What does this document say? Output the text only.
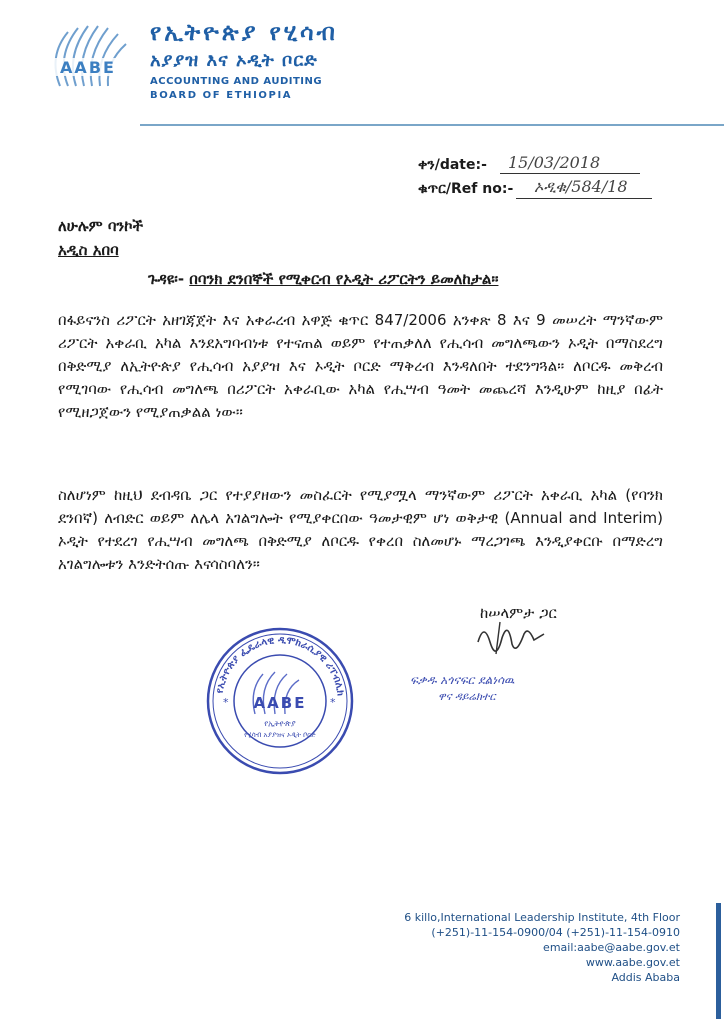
AABE
የኢትዮጵያ የሂሳብ
አያያዝ እና ኦዲት ቦርድ
ACCOUNTING AND AUDITING
BOARD OF ETHIOPIA
ቀን/date:- 15/03/2018
ቁጥር/Ref no:- ኦዲቁ/584/18
ለሁሉም ባንኮች
አዲስ አበባ
ጉዳዩ፡- በባንክ ደንበኞች የሚቀርብ የኦዲት ሪፖርትን ይመለከታል።
በፋይናንስ ሪፖርት አዘገጃጀት እና አቀራረብ አዋጅ ቁጥር 847/2006 አንቀጽ 8 እና 9 መሠረት ማንኛውም ሪፖርት አቀራቢ አካል እንደአግባብነቱ የተናጠል ወይም የተጠቃለለ የሒሳብ መግለጫውን ኦዲት በማስደረግ በቅድሚያ ለኢትዮጵያ የሒሳብ አያያዝ እና ኦዲት ቦርድ ማቅረብ እንዳለበት ተደንግጓል። ለቦርዱ መቅረብ የሚገባው የሒሳብ መግለጫ በሪፖርት አቀራቢው አካል የሒሣብ ዓመት መጨረሻ እንዲሁም ከዚያ በፊት የሚዘጋጀውን የሚያጠቃልል ነው።
ስለሆነም ከዚህ ደብዳቤ ጋር የተያያዘውን መስፈርት የሚያሟላ ማንኛውም ሪፖርት አቀራቢ አካል (የባንክ ደንበኛ) ለብድር ወይም ለሌላ አገልግሎት የሚያቀርበው ዓመታዊም ሆነ ወቅታዊ (Annual and Interim) ኦዲት የተደረገ የሒሣብ መግለጫ በቅድሚያ ለቦርዱ የቀረበ ስለመሆኑ ማረጋገጫ እንዲያቀርቡ በማድረግ አገልግሎቱን እንድትሰጡ እናሳስባለን።
ከሠላምታ ጋር
ፍቃዱ አጎናፍር ደልነሳዉ
ዋና ዳይሬክተር
የኢትዮጵያ ፌዴራላዊ ዲሞክራሲያዊ ሪፐብሊክ
AABE
የኢትዮጵያ
የሂሳብ አያያዝና ኦዲት ቦርድ
*	*
6 killo,International Leadership Institute, 4th Floor
(+251)-11-154-0900/04 (+251)-11-154-0910
email:aabe@aabe.gov.et
www.aabe.gov.et
Addis Ababa
